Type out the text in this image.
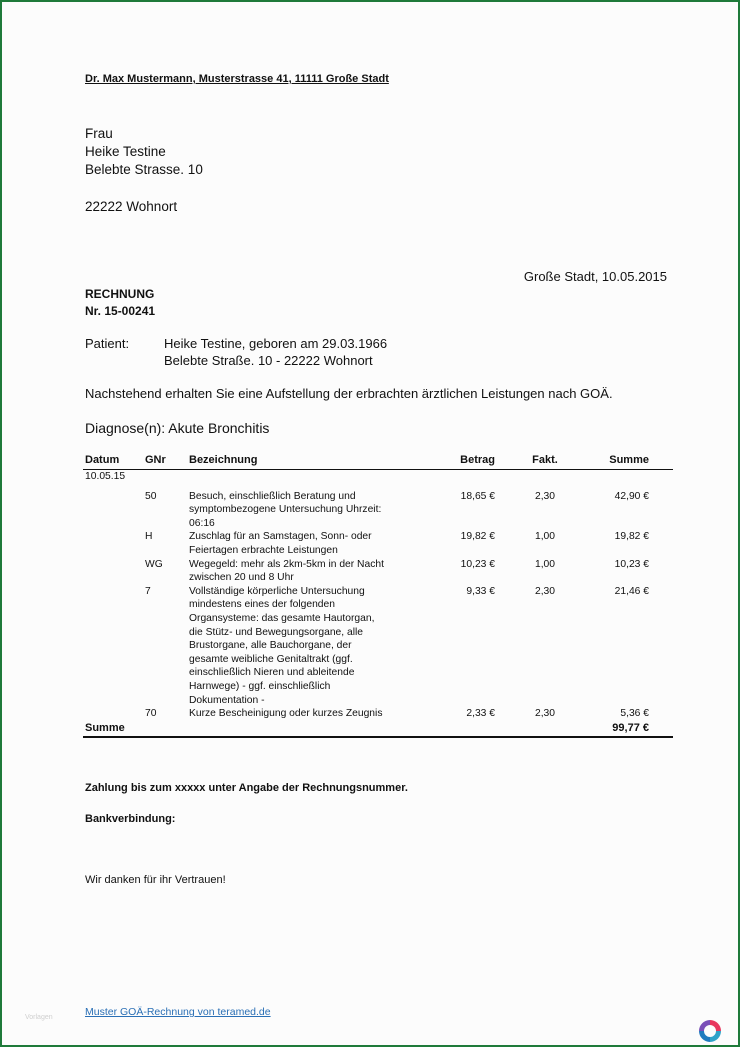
Dr. Max Mustermann, Musterstrasse 41, 11111 Große Stadt
Frau
Heike Testine
Belebte Strasse. 10
22222 Wohnort
Große Stadt, 10.05.2015
RECHNUNG
Nr. 15-00241
Patient:	Heike Testine, geboren am 29.03.1966
Belebte Straße. 10 - 22222 Wohnort
Nachstehend erhalten Sie eine Aufstellung der erbrachten ärztlichen Leistungen nach GOÄ.
Diagnose(n): Akute Bronchitis
Datum	GNr	Bezeichnung	Betrag	Fakt.	Summe
10.05.15					

	50	Besuch, einschließlich Beratung und symptombezogene Untersuchung Uhrzeit: 06:16	18,65 €	2,30	42,90 €
	H	Zuschlag für an Samstagen, Sonn- oder Feiertagen erbrachte Leistungen	19,82 €	1,00	19,82 €
	WG	Wegegeld: mehr als 2km-5km in der Nacht zwischen 20 und 8 Uhr	10,23 €	1,00	10,23 €
	7	Vollständige körperliche Untersuchung mindestens eines der folgenden Organsysteme: das gesamte Hautorgan, die Stütz- und Bewegungsorgane, alle Brustorgane, alle Bauchorgane, der gesamte weibliche Genitaltrakt (ggf. einschließlich Nieren und ableitende Harnwege) - ggf. einschließlich Dokumentation -	9,33 €	2,30	21,46 €
	70	Kurze Bescheinigung oder kurzes Zeugnis	2,33 €	2,30	5,36 €
Summe					99,77 €
Zahlung bis zum xxxxx unter Angabe der Rechnungsnummer.
Bankverbindung:
Wir danken für ihr Vertrauen!
Vorlagen	Muster GOÄ-Rechnung von teramed.de
